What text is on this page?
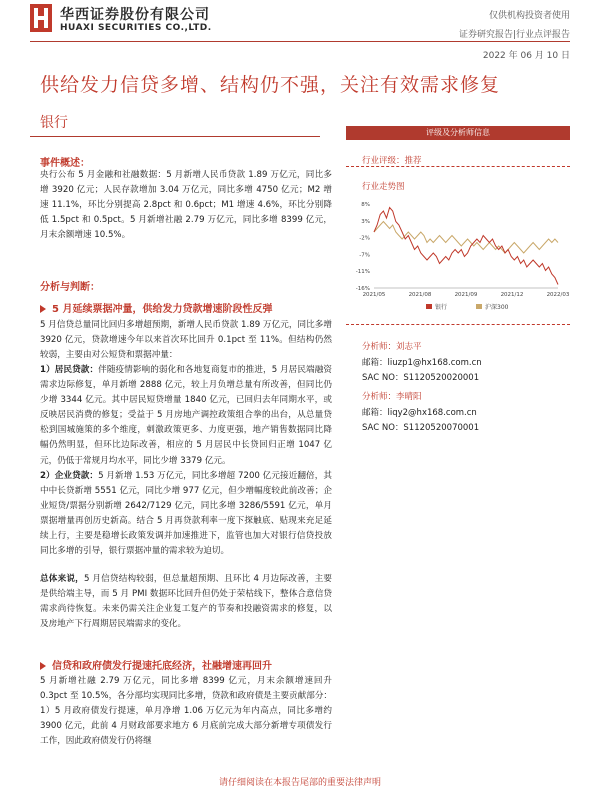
华西证券股份有限公司
HUAXI SECURITIES CO.,LTD.
仅供机构投资者使用
证券研究报告|行业点评报告
2022 年 06 月 10 日
供给发力信贷多增、结构仍不强，关注有效需求修复
银行
事件概述：
央行公布 5 月金融和社融数据：5 月新增人民币贷款 1.89 万亿元，同比多增 3920 亿元；人民存款增加 3.04 万亿元，同比多增 4750 亿元；M2 增速 11.1%，环比分别提高 2.8pct 和 0.6pct；M1 增速 4.6%，环比分别降低 1.5pct 和 0.5pct。5 月新增社融 2.79 万亿元，同比多增 8399 亿元，月末余额增速 10.5%。
分析与判断：
5 月延续票据冲量，供给发力贷款增速阶段性反弹
5 月信贷总量同比回归多增超预期，新增人民币贷款 1.89 万亿元，同比多增 3920 亿元，贷款增速今年以来首次环比回升 0.1pct 至 11%。但结构仍然较弱，主要由对公短贷和票据冲量：
1）居民贷款：伴随疫情影响的弱化和各地复商复市的推进，5 月居民端融资需求边际修复，单月新增 2888 亿元，较上月负增总量有所改善，但同比仍少增 3344 亿元。其中居民短贷增量 1840 亿元，已回归去年同期水平，或反映居民消费的修复；受益于 5 月房地产调控政策组合拳的出台，从总量贷松到国城施策的多个维度，刺激政策更多、力度更强，地产销售数据同比降幅仍然明显，但环比边际改善，相应的 5 月居民中长贷回归正增 1047 亿元，仍低于常规月均水平，同比少增 3379 亿元。
2）企业贷款：5 月新增 1.53 万亿元，同比多增超 7200 亿元接近翻倍，其中中长贷新增 5551 亿元，同比少增 977 亿元，但少增幅度较此前改善；企业短贷/票据分别新增 2642/7129 亿元，同比多增 3286/5591 亿元，单月票据增量再创历史新高。结合 5 月再贷款利率一度下探触底、贴现来充足延续上行，主要是稳增长政策发调并加速推进下，监管也加大对银行信贷投放同比多增的引导，银行票据冲量的需求较为迫切。
总体来说，5 月信贷结构较弱，但总量超预期、且环比 4 月边际改善，主要是供给端主导，而 5 月 PMI 数据环比回升但仍处于荣枯线下，整体合意信贷需求尚待恢复。未来仍需关注企业复工复产的节奏和投融资需求的修复，以及房地产下行周期居民端需求的变化。
信贷和政府债发行提速托底经济，社融增速再回升
5 月新增社融 2.79 万亿元，同比多增 8399 亿元，月末余额增速回升 0.3pct 至 10.5%，各分部均实现同比多增，贷款和政府债是主要贡献部分：1）5 月政府债发行提速，单月净增 1.06 万亿元为年内高点，同比多增约 3900 亿元，此前 4 月财政部要求地方 6 月底前完成大部分新增专项债发行工作，因此政府债发行仍将继
评级及分析师信息
行业评级：推荐
行业走势图
8%
3%
-2%
-7%
-11%
-16%
2021/05	2021/08	2021/09	2021/12	2022/03
银行	沪深300
分析师：刘志平
邮箱：liuzp1@hx168.com.cn
SAC NO：S1120520020001
分析师：李晴阳
邮箱：liqy2@hx168.com.cn
SAC NO：S1120520070001
请仔细阅读在本报告尾部的重要法律声明
